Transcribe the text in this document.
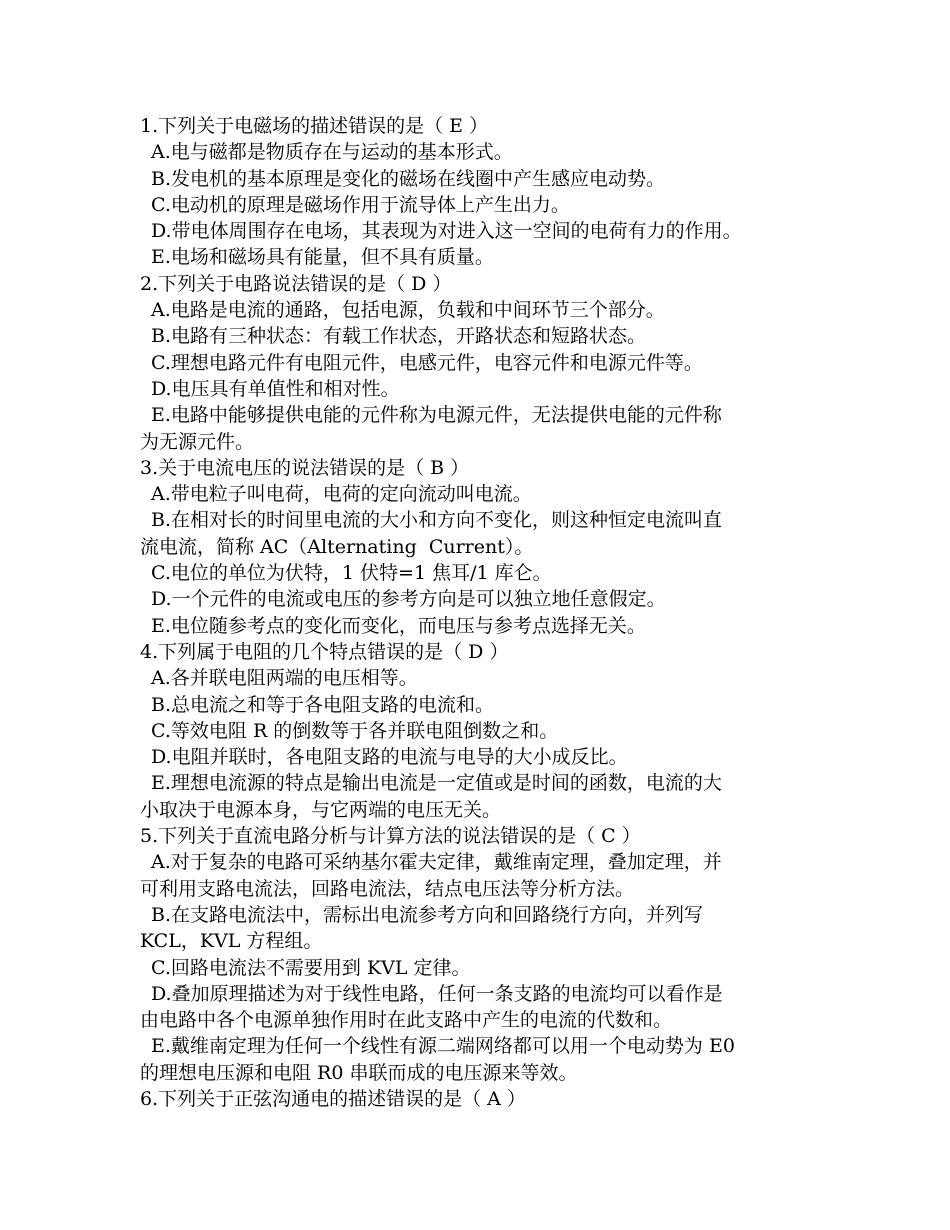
1.下列关于电磁场的描述错误的是（ E ）
A.电与磁都是物质存在与运动的基本形式。
B.发电机的基本原理是变化的磁场在线圈中产生感应电动势。
C.电动机的原理是磁场作用于流导体上产生出力。
D.带电体周围存在电场，其表现为对进入这一空间的电荷有力的作用。
E.电场和磁场具有能量，但不具有质量。
2.下列关于电路说法错误的是（ D ）
A.电路是电流的通路，包括电源，负载和中间环节三个部分。
B.电路有三种状态：有载工作状态，开路状态和短路状态。
C.理想电路元件有电阻元件，电感元件，电容元件和电源元件等。
D.电压具有单值性和相对性。
E.电路中能够提供电能的元件称为电源元件，无法提供电能的元件称
为无源元件。
3.关于电流电压的说法错误的是（ B ）
A.带电粒子叫电荷，电荷的定向流动叫电流。
B.在相对长的时间里电流的大小和方向不变化，则这种恒定电流叫直
流电流，简称 AC（Alternating  Current）。
C.电位的单位为伏特，1 伏特=1 焦耳/1 库仑。
D.一个元件的电流或电压的参考方向是可以独立地任意假定。
E.电位随参考点的变化而变化，而电压与参考点选择无关。
4.下列属于电阻的几个特点错误的是（ D ）
A.各并联电阻两端的电压相等。
B.总电流之和等于各电阻支路的电流和。
C.等效电阻 R 的倒数等于各并联电阻倒数之和。
D.电阻并联时，各电阻支路的电流与电导的大小成反比。
E.理想电流源的特点是输出电流是一定值或是时间的函数，电流的大
小取决于电源本身，与它两端的电压无关。
5.下列关于直流电路分析与计算方法的说法错误的是（ C ）
A.对于复杂的电路可采纳基尔霍夫定律，戴维南定理，叠加定理，并
可利用支路电流法，回路电流法，结点电压法等分析方法。
B.在支路电流法中，需标出电流参考方向和回路绕行方向，并列写
KCL，KVL 方程组。
C.回路电流法不需要用到 KVL 定律。
D.叠加原理描述为对于线性电路，任何一条支路的电流均可以看作是
由电路中各个电源单独作用时在此支路中产生的电流的代数和。
E.戴维南定理为任何一个线性有源二端网络都可以用一个电动势为 E0
的理想电压源和电阻 R0 串联而成的电压源来等效。
6.下列关于正弦沟通电的描述错误的是（ A ）
